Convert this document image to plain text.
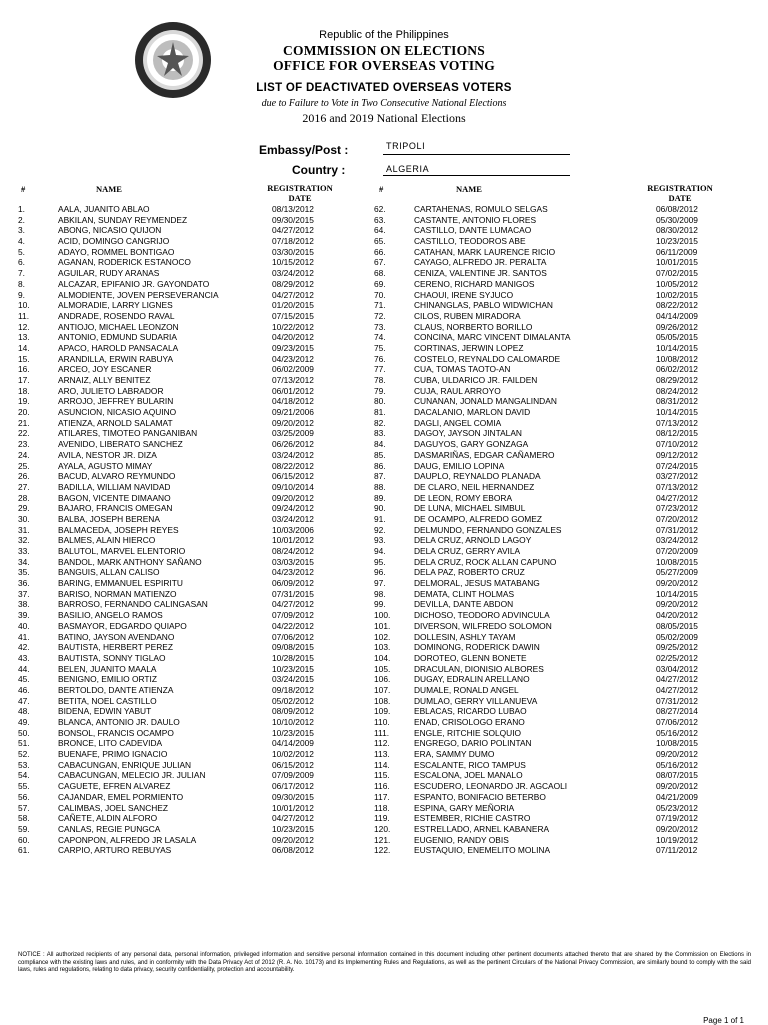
Republic of the Philippines
COMMISSION ON ELECTIONS
OFFICE FOR OVERSEAS VOTING
LIST OF DEACTIVATED OVERSEAS VOTERS
due to Failure to Vote in Two Consecutive National Elections
2016 and 2019 National Elections
Embassy/Post :	TRIPOLI
Country :	ALGERIA
#	NAME	REGISTRATION
DATE
#	NAME	REGISTRATION
DATE
1.	AALA, JUANITO ABLAO	08/13/2012
2.	ABKILAN, SUNDAY REYMENDEZ	09/30/2015
3.	ABONG, NICASIO QUIJON	04/27/2012
4.	ACID, DOMINGO CANGRIJO	07/18/2012
5.	ADAYO, ROMMEL BONTIGAO	03/30/2015
6.	AGANAN, RODERICK ESTANOCO	10/15/2012
7.	AGUILAR, RUDY ARANAS	03/24/2012
8.	ALCAZAR, EPIFANIO JR. GAYONDATO	08/29/2012
9.	ALMODIENTE, JOVEN PERSEVERANCIA	04/27/2012
10.	ALMORADIE, LARRY LIGNES	01/20/2015
11.	ANDRADE, ROSENDO RAVAL	07/15/2015
12.	ANTIOJO, MICHAEL LEONZON	10/22/2012
13.	ANTONIO, EDMUND SUDARIA	04/20/2012
14.	APACO, HAROLD PANSACALA	09/23/2015
15.	ARANDILLA, ERWIN RABUYA	04/23/2012
16.	ARCEO, JOY ESCANER	06/02/2009
17.	ARNAIZ, ALLY BENITEZ	07/13/2012
18.	ARO, JULIETO LABRADOR	06/01/2012
19.	ARROJO, JEFFREY BULARIN	04/18/2012
20.	ASUNCION, NICASIO AQUINO	09/21/2006
21.	ATIENZA, ARNOLD SALAMAT	09/20/2012
22.	ATILARES, TIMOTEO PANGANIBAN	03/25/2009
23.	AVENIDO, LIBERATO SANCHEZ	06/26/2012
24.	AVILA, NESTOR JR. DIZA	03/24/2012
25.	AYALA, AGUSTO MIMAY	08/22/2012
26.	BACUD, ALVARO REYMUNDO	06/15/2012
27.	BADILLA, WILLIAM NAVIDAD	09/10/2014
28.	BAGON, VICENTE DIMAANO	09/20/2012
29.	BAJARO, FRANCIS OMEGAN	09/24/2012
30.	BALBA, JOSEPH BERENA	03/24/2012
31.	BALMACEDA, JOSEPH REYES	10/03/2006
32.	BALMES, ALAIN HIERCO	10/01/2012
33.	BALUTOL, MARVEL ELENTORIO	08/24/2012
34.	BANDOL, MARK ANTHONY SAÑANO	03/03/2015
35.	BANGUIS, ALLAN CALISO	04/23/2012
36.	BARING, EMMANUEL ESPIRITU	06/09/2012
37.	BARISO, NORMAN MATIENZO	07/31/2015
38.	BARROSO, FERNANDO CALINGASAN	04/27/2012
39.	BASILIO, ANGELO RAMOS	07/09/2012
40.	BASMAYOR, EDGARDO QUIAPO	04/22/2012
41.	BATINO, JAYSON AVENDANO	07/06/2012
42.	BAUTISTA, HERBERT PEREZ	09/08/2015
43.	BAUTISTA, SONNY TIGLAO	10/28/2015
44.	BELEN, JUANITO MAALA	10/23/2015
45.	BENIGNO, EMILIO ORTIZ	03/24/2015
46.	BERTOLDO, DANTE ATIENZA	09/18/2012
47.	BETITA, NOEL CASTILLO	05/02/2012
48.	BIDENA, EDWIN YABUT	08/09/2012
49.	BLANCA, ANTONIO JR. DAULO	10/10/2012
50.	BONSOL, FRANCIS OCAMPO	10/23/2015
51.	BRONCE, LITO CADEVIDA	04/14/2009
52.	BUENAFE, PRIMO IGNACIO	10/02/2012
53.	CABACUNGAN, ENRIQUE JULIAN	06/15/2012
54.	CABACUNGAN, MELECIO JR. JULIAN	07/09/2009
55.	CAGUETE, EFREN ALVAREZ	06/17/2012
56.	CAJANDAR, EMEL PORMIENTO	09/30/2015
57.	CALIMBAS, JOEL SANCHEZ	10/01/2012
58.	CAÑETE, ALDIN ALFORO	04/27/2012
59.	CANLAS, REGIE PUNGCA	10/23/2015
60.	CAPONPON, ALFREDO JR LASALA	09/20/2012
61.	CARPIO, ARTURO REBUYAS	06/08/2012
62.	CARTAHENAS, ROMULO SELGAS	06/08/2012
63.	CASTANTE, ANTONIO FLORES	05/30/2009
64.	CASTILLO, DANTE LUMACAO	08/30/2012
65.	CASTILLO, TEODOROS ABE	10/23/2015
66.	CATAHAN, MARK LAURENCE RICIO	06/11/2009
67.	CAYAGO, ALFREDO JR. PERALTA	10/01/2015
68.	CENIZA, VALENTINE JR. SANTOS	07/02/2015
69.	CERENO, RICHARD MANIGOS	10/05/2012
70.	CHAOUI, IRENE SYJUCO	10/02/2015
71.	CHINANGLAS, PABLO WIDWICHAN	08/22/2012
72.	CILOS, RUBEN MIRADORA	04/14/2009
73.	CLAUS, NORBERTO BORILLO	09/26/2012
74.	CONCINA, MARC VINCENT DIMALANTA	05/05/2015
75.	CORTINAS, JERWIN LOPEZ	10/14/2015
76.	COSTELO, REYNALDO CALOMARDE	10/08/2012
77.	CUA, TOMAS TAOTO-AN	06/02/2012
78.	CUBA, ULDARICO JR. FAILDEN	08/29/2012
79.	CUJA, RAUL ARROYO	08/24/2012
80.	CUNANAN, JONALD MANGALINDAN	08/31/2012
81.	DACALANIO, MARLON DAVID	10/14/2015
82.	DAGLI, ANGEL COMIA	07/13/2012
83.	DAGOY, JAYSON JINTALAN	08/12/2015
84.	DAGUYOS, GARY GONZAGA	07/10/2012
85.	DASMARIÑAS, EDGAR CAÑAMERO	09/12/2012
86.	DAUG, EMILIO LOPINA	07/24/2015
87.	DAUPLO, REYNALDO PLANADA	03/27/2012
88.	DE CLARO, NEIL HERNANDEZ	07/13/2012
89.	DE LEON, ROMY EBORA	04/27/2012
90.	DE LUNA, MICHAEL SIMBUL	07/23/2012
91.	DE OCAMPO, ALFREDO GOMEZ	07/20/2012
92.	DELMUNDO, FERNANDO GONZALES	07/31/2012
93.	DELA CRUZ, ARNOLD LAGOY	03/24/2012
94.	DELA CRUZ, GERRY AVILA	07/20/2009
95.	DELA CRUZ, ROCK ALLAN CAPUNO	10/08/2015
96.	DELA PAZ, ROBERTO CRUZ	05/27/2009
97.	DELMORAL, JESUS MATABANG	09/20/2012
98.	DEMATA, CLINT HOLMAS	10/14/2015
99.	DEVILLA, DANTE ABDON	09/20/2012
100.	DICHOSO, TEODORO ADVINCULA	04/20/2012
101.	DIVERSON, WILFREDO SOLOMON	08/05/2015
102.	DOLLESIN, ASHLY TAYAM	05/02/2009
103.	DOMINONG, RODERICK DAWIN	09/25/2012
104.	DOROTEO, GLENN BONETE	02/25/2012
105.	DRACULAN, DIONISIO ALBORES	03/04/2012
106.	DUGAY, EDRALIN ARELLANO	04/27/2012
107.	DUMALE, RONALD ANGEL	04/27/2012
108.	DUMLAO, GERRY VILLANUEVA	07/31/2012
109.	EBLACAS, RICARDO LUBAO	08/27/2014
110.	ENAD, CRISOLOGO ERANO	07/06/2012
111.	ENGLE, RITCHIE SOLQUIO	05/16/2012
112.	ENGREGO, DARIO POLINTAN	10/08/2015
113.	ERA, SAMMY DUMO	09/20/2012
114.	ESCALANTE, RICO TAMPUS	05/16/2012
115.	ESCALONA, JOEL MANALO	08/07/2015
116.	ESCUDERO, LEONARDO JR. AGCAOLI	09/20/2012
117.	ESPANTO, BONIFACIO BETERBO	04/21/2009
118.	ESPINA, GARY MEÑORIA	05/23/2012
119.	ESTEMBER, RICHIE CASTRO	07/19/2012
120.	ESTRELLADO, ARNEL KABANERA	09/20/2012
121.	EUGENIO, RANDY OBIS	10/19/2012
122.	EUSTAQUIO, ENEMELITO MOLINA	07/11/2012
NOTICE : All authorized recipients of any personal data, personal information, privileged information and sensitive personal information contained in this document including other pertinent documents attached thereto that are shared by the Commission on Elections in compliance with the existing laws and rules, and in conformity with the Data Privacy Act of 2012 (R. A. No. 10173) and its Implementing Rules and Regulations, as well as the pertinent Circulars of the National Privacy Commission, are similarly bound to comply with the said laws, rules and regulations, relating to data privacy, security confidentiality, protection and accountability.
Page 1 of 1
